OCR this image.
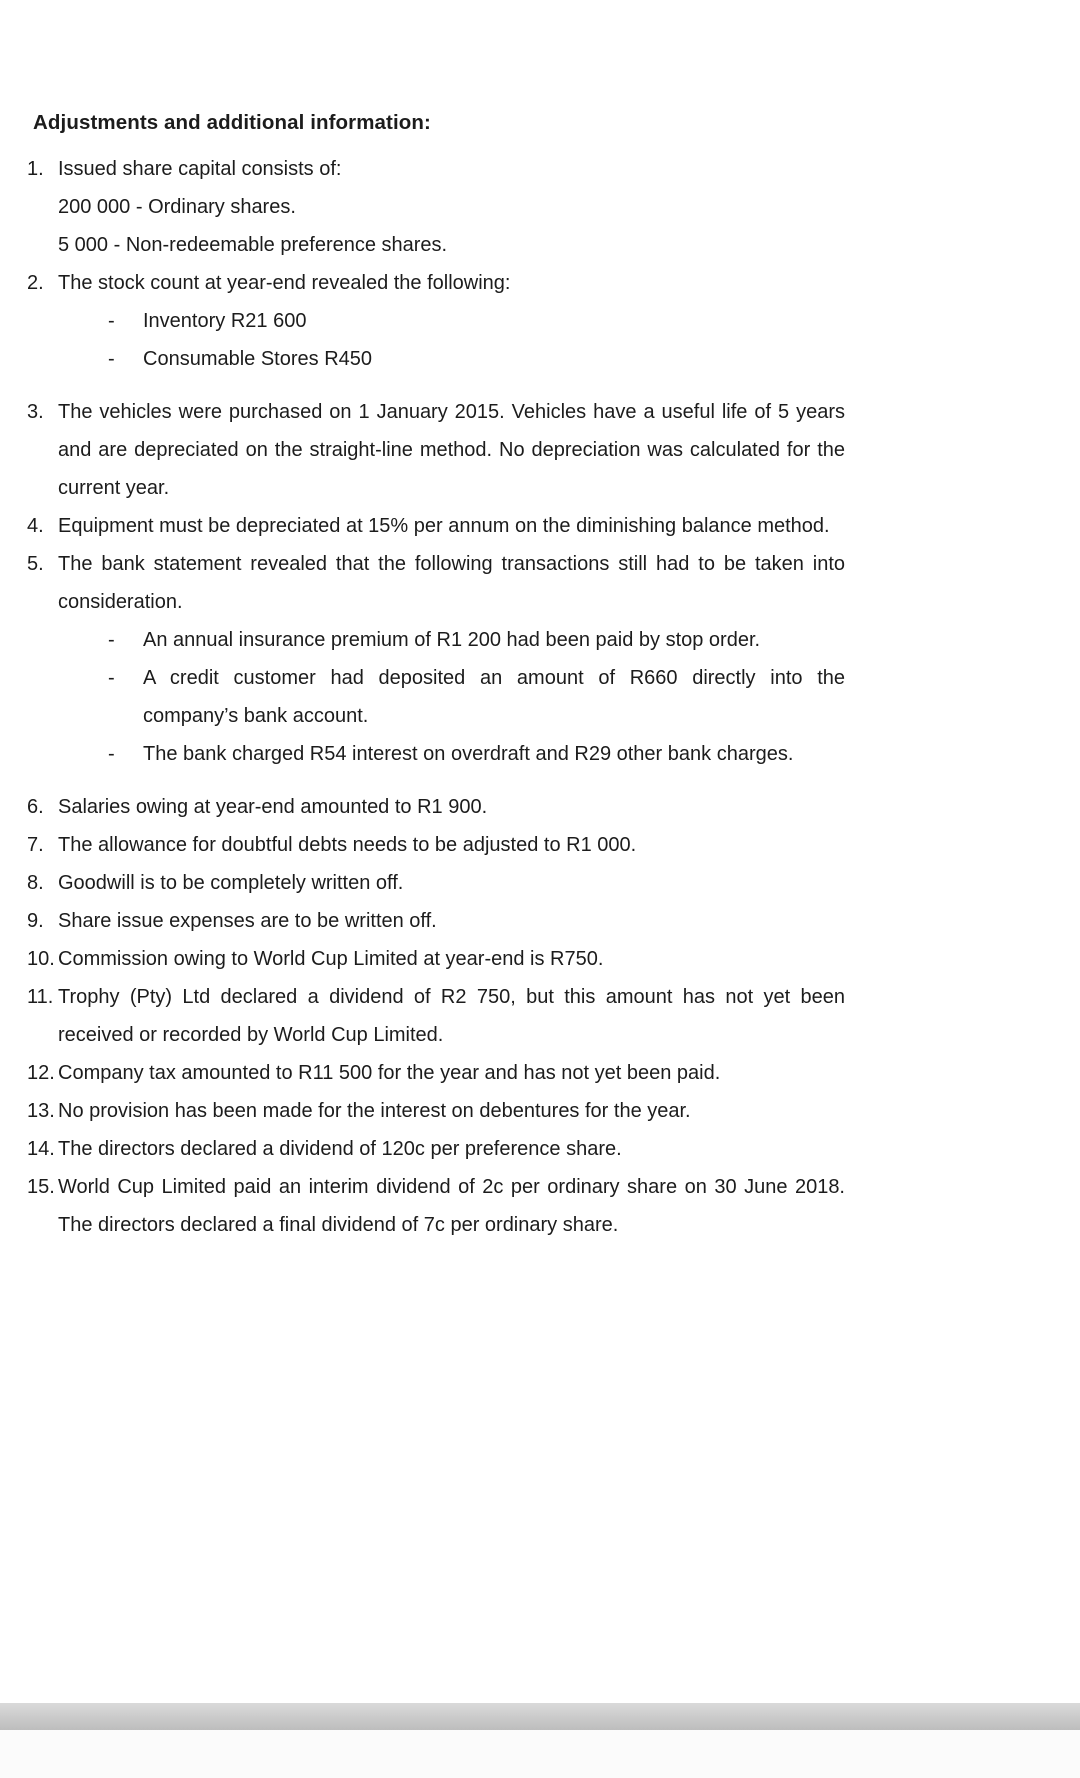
Adjustments and additional information:
1. Issued share capital consists of:
200 000 - Ordinary shares.
5 000 - Non-redeemable preference shares.
2. The stock count at year-end revealed the following:
-	Inventory R21 600
-	Consumable Stores R450
3. The vehicles were purchased on 1 January 2015. Vehicles have a useful life of 5 years and are depreciated on the straight-line method. No depreciation was calculated for the current year.
4. Equipment must be depreciated at 15% per annum on the diminishing balance method.
5. The bank statement revealed that the following transactions still had to be taken into consideration.
-	An annual insurance premium of R1 200 had been paid by stop order.
-	A credit customer had deposited an amount of R660 directly into the company’s bank account.
-	The bank charged R54 interest on overdraft and R29 other bank charges.
6. Salaries owing at year-end amounted to R1 900.
7. The allowance for doubtful debts needs to be adjusted to R1 000.
8. Goodwill is to be completely written off.
9. Share issue expenses are to be written off.
10. Commission owing to World Cup Limited at year-end is R750.
11. Trophy (Pty) Ltd declared a dividend of R2 750, but this amount has not yet been received or recorded by World Cup Limited.
12. Company tax amounted to R11 500 for the year and has not yet been paid.
13. No provision has been made for the interest on debentures for the year.
14. The directors declared a dividend of 120c per preference share.
15. World Cup Limited paid an interim dividend of 2c per ordinary share on 30 June 2018. The directors declared a final dividend of 7c per ordinary share.
